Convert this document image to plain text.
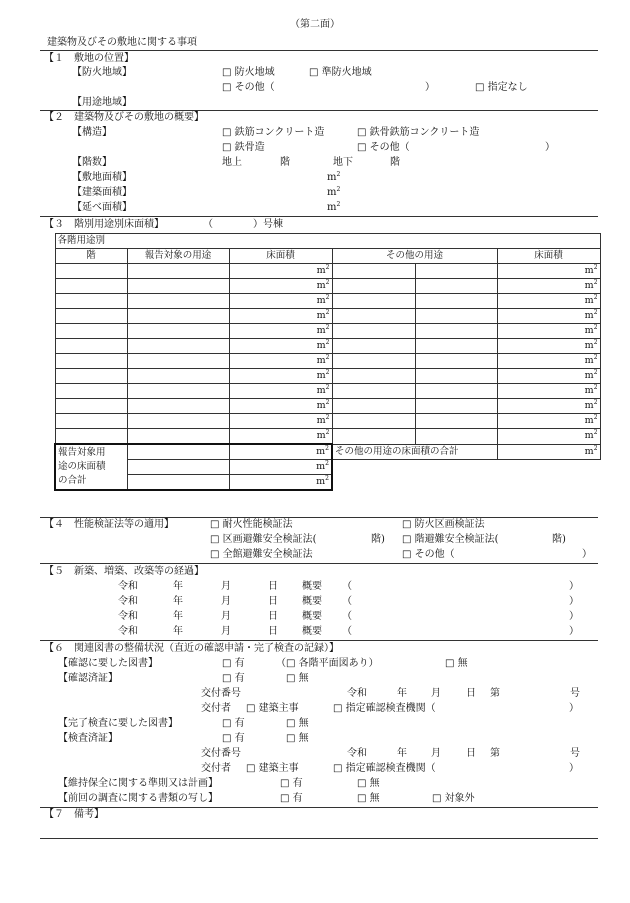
（第二面）
建築物及びその敷地に関する事項
【１　敷地の位置】
【防火地域】	□ 防火地域	□ 準防火地域
□ その他（	）	□ 指定なし
【用途地域】
【２　建築物及びその敷地の概要】
【構造】	□ 鉄筋コンクリート造	□ 鉄骨鉄筋コンクリート造
□ 鉄骨造	□ その他（	）
【階数】	地上	階	地下	階
【敷地面積】	$m^2$
【建築面積】	$m^2$
【延べ面積】	$m^2$
【３　階別用途別床面積】	（　　　　）号棟
各階用途別					
階	報告対象の用途	床面積	その他の用途		床面積
		$m^2$			$m^2$
		$m^2$			$m^2$
		$m^2$			$m^2$
		$m^2$			$m^2$
		$m^2$			$m^2$
		$m^2$			$m^2$
		$m^2$			$m^2$
		$m^2$			$m^2$
		$m^2$			$m^2$
		$m^2$			$m^2$
		$m^2$			$m^2$
		$m^2$			$m^2$
報告対象用
途の床面積
の合計		$m^2$	その他の用途の床面積の合計		$m^2$
		$m^2$	
		$m^2$	
【４　性能検証法等の適用】	□ 耐火性能検証法	□ 防火区画検証法
□ 区画避難安全検証法(	階) □ 階避難安全検証法(	階)
□ 全館避難安全検証法	□ その他（	）
【５　新築、増築、改築等の経過】
令和	年	月	日 概要 （	）
令和	年	月	日 概要 （	）
令和	年	月	日 概要 （	）
令和	年	月	日 概要 （	）
【６　関連図書の整備状況（直近の確認申請・完了検査の記録）】
【確認に要した図書】	□ 有	（□ 各階平面図あり）	□ 無
【確認済証】	□ 有	□ 無
交付番号	令和	年 月	日 第	号
交付者 □ 建築主事	□ 指定確認検査機関（	）
【完了検査に要した図書】	□ 有	□ 無
【検査済証】	□ 有	□ 無
交付番号	令和	年 月	日 第	号
交付者 □ 建築主事	□ 指定確認検査機関（	）
【維持保全に関する準則又は計画】	□ 有	□ 無
【前回の調査に関する書類の写し】	□ 有	□ 無	□ 対象外
【７　備考】
